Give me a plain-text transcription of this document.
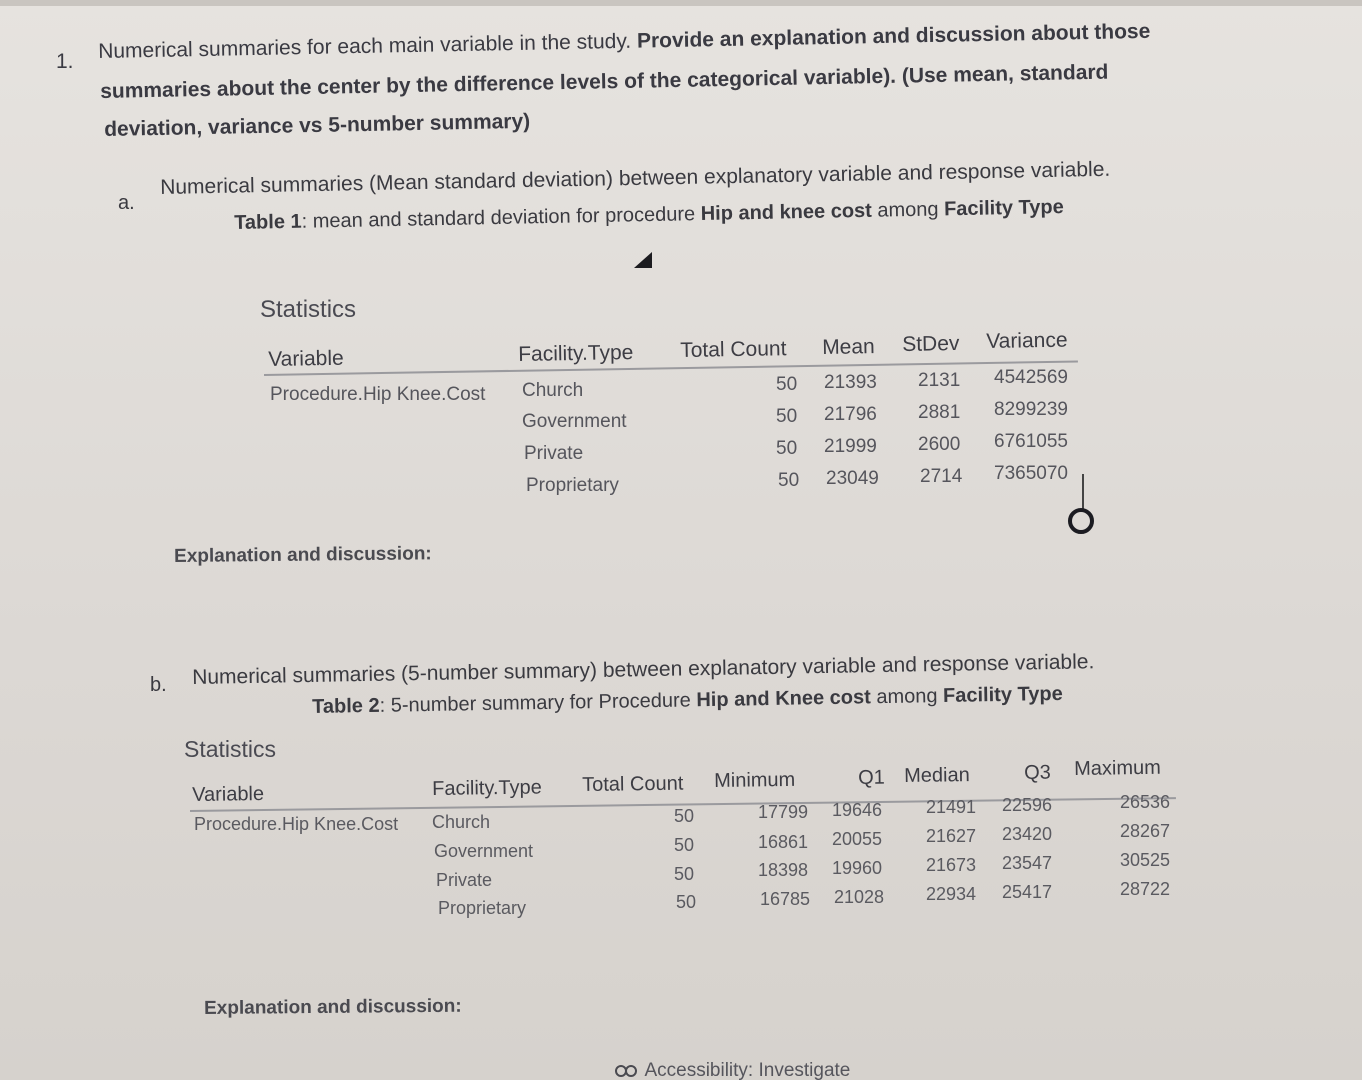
1. Numerical summaries for each main variable in the study. Provide an explanation and discussion about those
summaries about the center by the difference levels of the categorical variable). (Use mean, standard
deviation, variance vs 5-number summary)
a.
Numerical summaries (Mean standard deviation) between explanatory variable and response variable.
Table 1: mean and standard deviation for procedure Hip and knee cost among Facility Type
Statistics
Variable	Facility.Type Total Count Mean StDev Variance
Procedure.Hip Knee.Cost Church	50 21393 2131 4542569
Government	50 21796 2881 8299239
Private	50 21999 2600 6761055
Proprietary	50 23049 2714 7365070
Explanation and discussion:
b. Numerical summaries (5-number summary) between explanatory variable and response variable.
Table 2: 5-number summary for Procedure Hip and Knee cost among Facility Type
Statistics
Variable	Facility.Type Total Count Minimum	Q1 Median	Q3 Maximum
Procedure.Hip Knee.Cost Church	50	17799 19646 21491 22596	26536
Government	50	16861 20055 21627 23420	28267
Private	50	18398 19960 21673 23547	30525
Proprietary	50	16785 21028 22934 25417	28722
Explanation and discussion:
Accessibility: Investigate
